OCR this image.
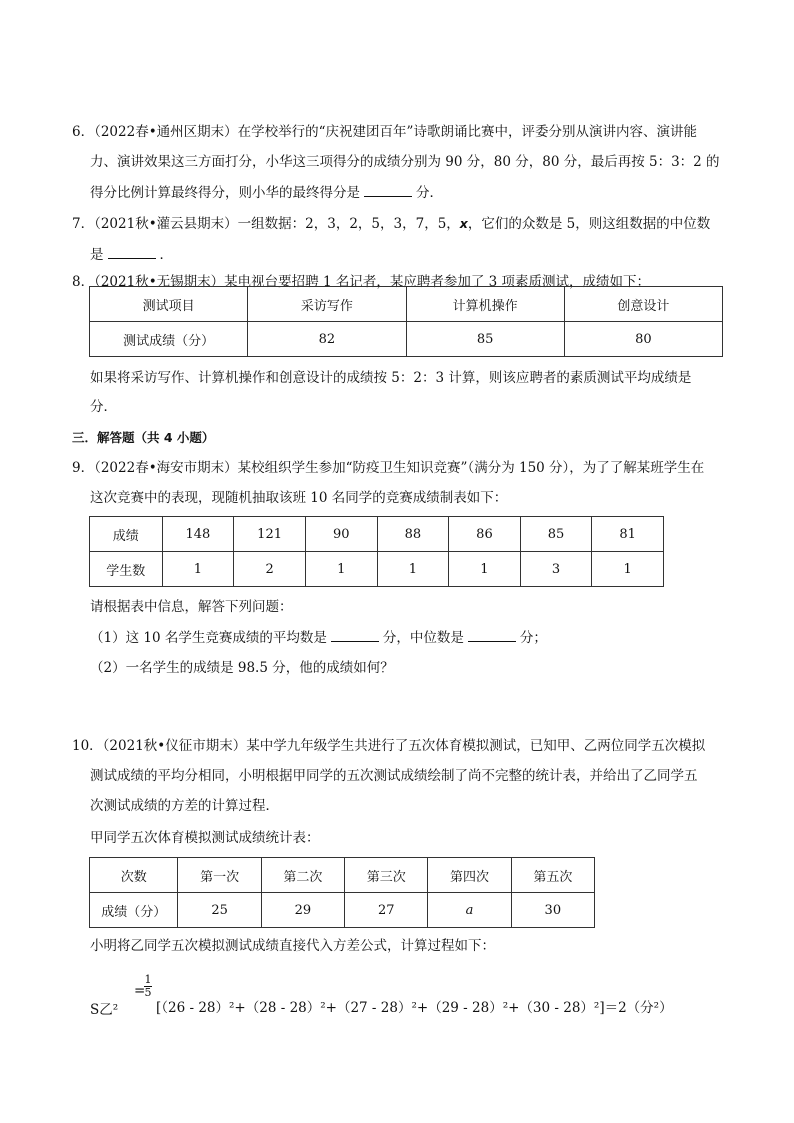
6．（2022春•通州区期末）在学校举行的“庆祝建团百年”诗歌朗诵比赛中，评委分别从演讲内容、演讲能
力、演讲效果这三方面打分，小华这三项得分的成绩分别为 90 分，80 分，80 分，最后再按 5：3：2 的
得分比例计算最终得分，则小华的最终得分是	分．
7．（2021秋•灌云县期末）一组数据：2，3，2，5，3，7，5，x，它们的众数是 5，则这组数据的中位数
是	．
8．（2021秋•无锡期末）某电视台要招聘 1 名记者，某应聘者参加了 3 项素质测试，成绩如下：
测试项目	采访写作	计算机操作	创意设计
测试成绩（分）	82	85	80
如果将采访写作、计算机操作和创意设计的成绩按 5：2：3 计算，则该应聘者的素质测试平均成绩是
分．
三．解答题（共 4 小题）
9．（2022春•海安市期末）某校组织学生参加“防疫卫生知识竞赛”（满分为 150 分），为了了解某班学生在
这次竞赛中的表现，现随机抽取该班 10 名同学的竞赛成绩制表如下：
成绩	148	121	90	88	86	85	81
学生数	1	2	1	1	1	3	1
请根据表中信息，解答下列问题：
（1）这 10 名学生竞赛成绩的平均数是	分，中位数是	分；
（2）一名学生的成绩是 98.5 分，他的成绩如何？
10．（2021秋•仪征市期末）某中学九年级学生共进行了五次体育模拟测试，已知甲、乙两位同学五次模拟
测试成绩的平均分相同，小明根据甲同学的五次测试成绩绘制了尚不完整的统计表，并给出了乙同学五
次测试成绩的方差的计算过程．
甲同学五次体育模拟测试成绩统计表：
次数	第一次	第二次	第三次	第四次	第五次
成绩（分）	25	29	27	a	30
小明将乙同学五次模拟测试成绩直接代入方差公式，计算过程如下：
S乙²
=
1
5
[（26 - 28）²+（28 - 28）²+（27 - 28）²+（29 - 28）²+（30 - 28）²]＝2（分²）
